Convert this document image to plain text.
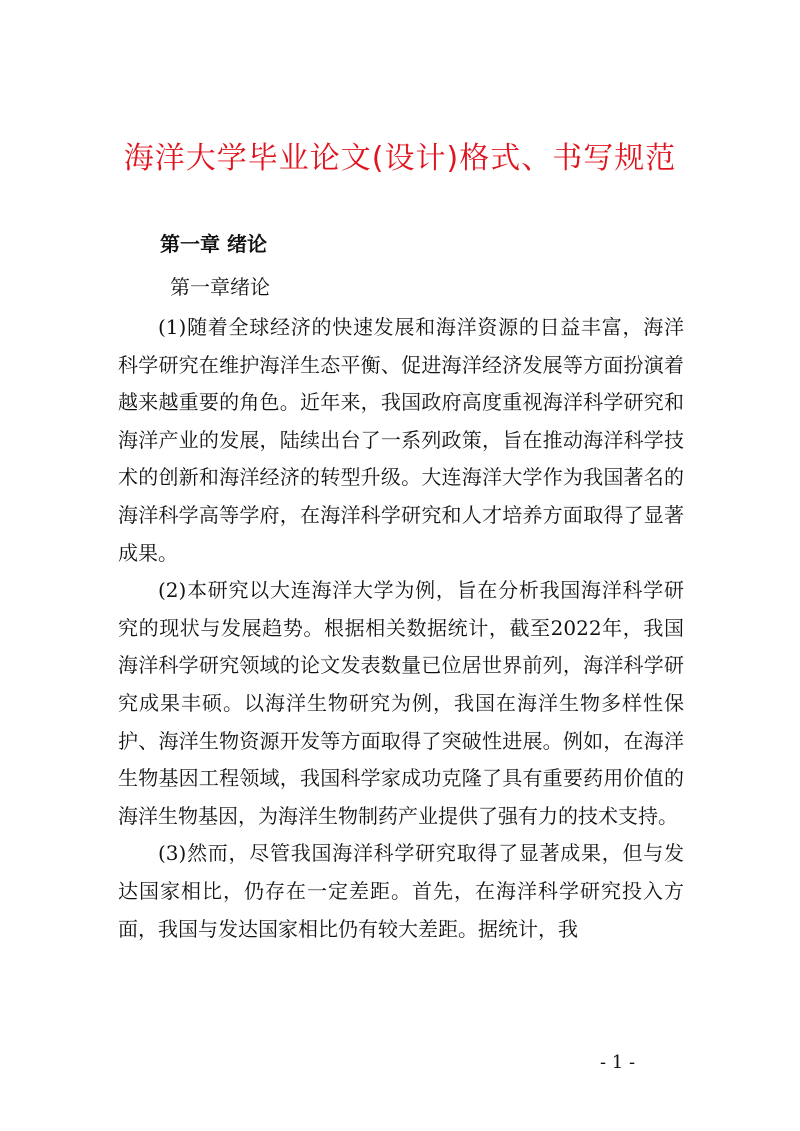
海洋大学毕业论文(设计)格式、书写规范
第一章 绪论
第一章绪论

(1)随着全球经济的快速发展和海洋资源的日益丰富，海洋科学研究在维护海洋生态平衡、促进海洋经济发展等方面扮演着越来越重要的角色。近年来，我国政府高度重视海洋科学研究和海洋产业的发展，陆续出台了一系列政策，旨在推动海洋科学技术的创新和海洋经济的转型升级。大连海洋大学作为我国著名的海洋科学高等学府，在海洋科学研究和人才培养方面取得了显著成果。

(2)本研究以大连海洋大学为例，旨在分析我国海洋科学研究的现状与发展趋势。根据相关数据统计，截至2022年，我国海洋科学研究领域的论文发表数量已位居世界前列，海洋科学研究成果丰硕。以海洋生物研究为例，我国在海洋生物多样性保护、海洋生物资源开发等方面取得了突破性进展。例如，在海洋生物基因工程领域，我国科学家成功克隆了具有重要药用价值的海洋生物基因，为海洋生物制药产业提供了强有力的技术支持。

(3)然而，尽管我国海洋科学研究取得了显著成果，但与发达国家相比，仍存在一定差距。首先，在海洋科学研究投入方面，我国与发达国家相比仍有较大差距。据统计，我

- 1 -
